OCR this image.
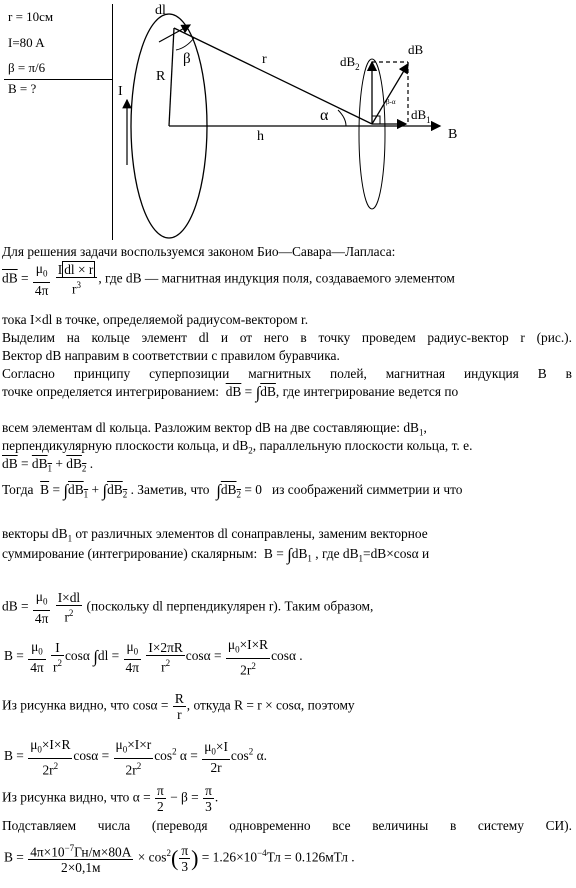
r = 10см
I=80 A
β = π/6
B = ?
dl
β
R
I
r
α
h
$dB_2$
dB
$dB_1$
B
β-α
Для решения задачи воспользуемся законом Био—Савара—Лапласа:
$\overline{dB} = \frac{\mu_0}{4\pi}$
$\frac{\text{I dl × r}}{r^3}$ , где dB — магнитная индукция поля, создаваемого элементом
тока I×dl в точке, определяемой радиусом-вектором r.
Выделим на кольце элемент dl и от него в точку проведем радиус-вектор r (рис.).
Вектор dB направим в соответствии с правилом буравчика.
Согласно принципу суперпозиции магнитных полей, магнитная индукция B в
точке определяется интегрированием: $\overline{dB} = \int\overline{dB}$, где интегрирование ведется по
всем элементам dl кольца. Разложим вектор dB на две составляющие: $dB_1$,
перпендикулярную плоскости кольца, и $dB_2$, параллельную плоскости кольца, т. е.
$\overline{dB} = dB_1 + dB_2$ .
Тогда $\overline{B} = \int dB_1 + \int dB_2$ . Заметив, что $\int dB_2 = 0$   из соображений симметрии и что
векторы $dB_1$ от различных элементов dl сонаправлены, заменим векторное
суммирование (интегрирование) скалярным:  $B = \int dB_1$ , где $dB_1=dB\times\cos\alpha$ и
dB = $\frac{\mu_0}{4\pi}$
$\frac{I\times dl}{r^2}$ (поскольку dl перпендикулярен r). Таким образом,
$B = \frac{\mu_0}{4\pi}$
$\frac{I}{r^2}$ cosα $\int dl = \frac{\mu_0}{4\pi}$
$\frac{I\times 2\pi R}{r^2}$ $\cos\alpha = \frac{\mu_0\times I\times R}{2r^2}$ cosα .
Из рисунка видно, что $\cos\alpha = \frac{R}{r}$ , откуда R = r × cosα, поэтому
$B = \frac{\mu_0\times I\times R}{2r^2}$ $\cos\alpha = \frac{\mu_0\times I\times r}{2r^2} \cos^2 \alpha = \frac{\mu_0\times I}{2r} \cos^2 \alpha$.
Из рисунка видно, что $\alpha = \frac{\pi}{2} - \beta = \frac{\pi}{3}$ .
Подставляем числа (переводя одновременно все величины в систему СИ).
$B = \frac{4\pi\times 10^{-7}Гн/м\times 80А}{2\times 0,1м} \times \cos^2( \frac{\pi}{3}$ ) = $1.26\times 10^{-4}Тл = 0.126мТл$ .
